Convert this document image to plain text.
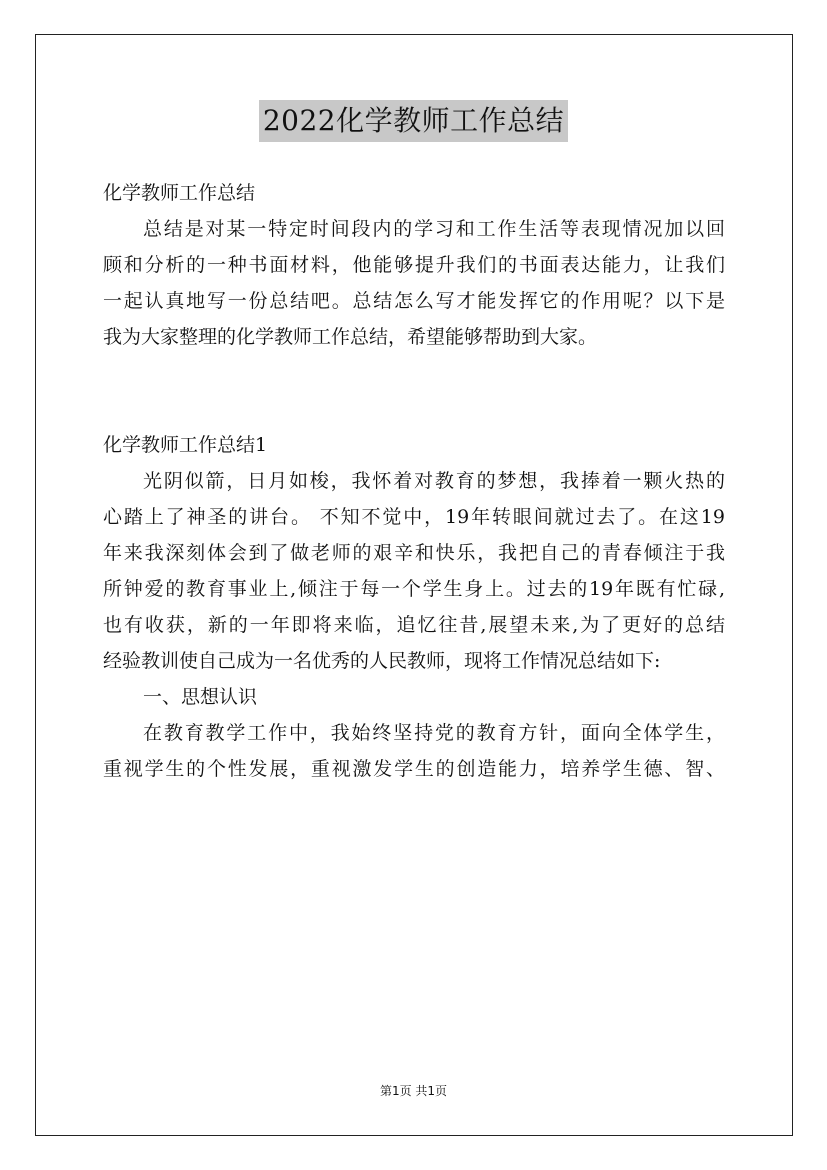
2022化学教师工作总结
化学教师工作总结
总结是对某一特定时间段内的学习和工作生活等表现情况加以回
顾和分析的一种书面材料，他能够提升我们的书面表达能力，让我们
一起认真地写一份总结吧。总结怎么写才能发挥它的作用呢？以下是
我为大家整理的化学教师工作总结，希望能够帮助到大家。
化学教师工作总结1
光阴似箭，日月如梭，我怀着对教育的梦想，我捧着一颗火热的
心踏上了神圣的讲台。 不知不觉中，19年转眼间就过去了。在这19
年来我深刻体会到了做老师的艰辛和快乐，我把自己的青春倾注于我
所钟爱的教育事业上,倾注于每一个学生身上。过去的19年既有忙碌,
也有收获，新的一年即将来临，追忆往昔,展望未来,为了更好的总结
经验教训使自己成为一名优秀的人民教师，现将工作情况总结如下:
一、思想认识
在教育教学工作中，我始终坚持党的教育方针，面向全体学生，
重视学生的个性发展，重视激发学生的创造能力，培养学生德、智、
第1页 共1页
